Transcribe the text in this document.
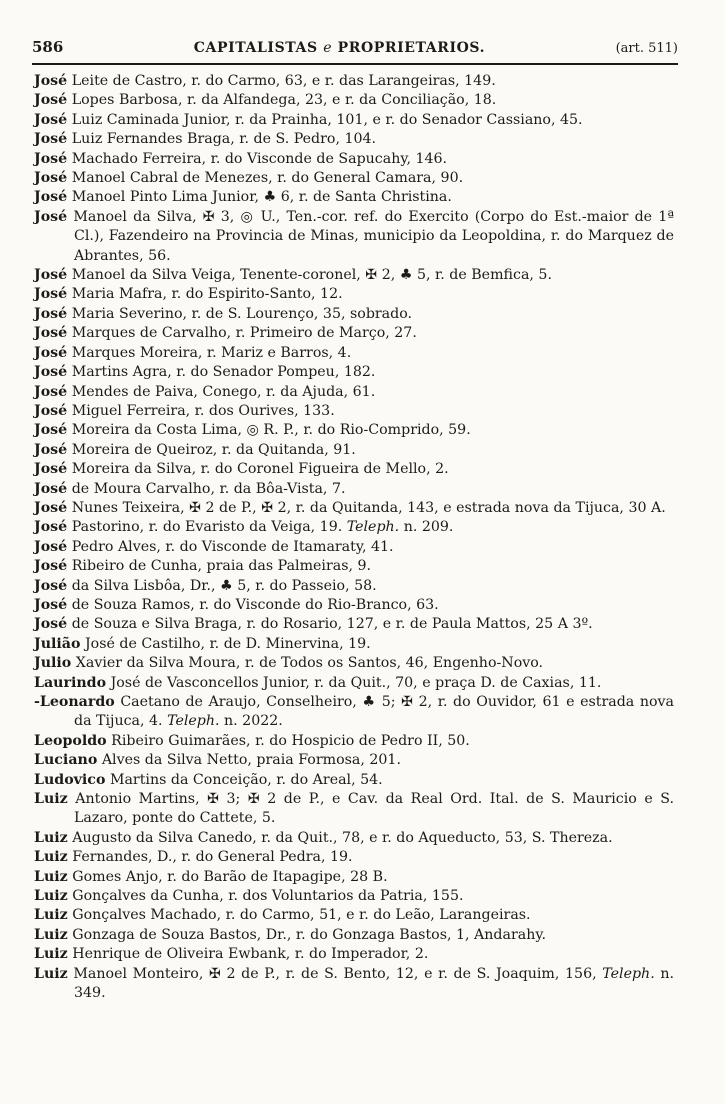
586	CAPITALISTAS e PROPRIETARIOS.	(art. 511)
José Leite de Castro, r. do Carmo, 63, e r. das Larangeiras, 149.
José Lopes Barbosa, r. da Alfandega, 23, e r. da Conciliação, 18.
José Luiz Caminada Junior, r. da Prainha, 101, e r. do Senador Cassiano, 45.
José Luiz Fernandes Braga, r. de S. Pedro, 104.
José Machado Ferreira, r. do Visconde de Sapucahy, 146.
José Manoel Cabral de Menezes, r. do General Camara, 90.
José Manoel Pinto Lima Junior, ♣ 6, r. de Santa Christina.
José Manoel da Silva, ✠ 3, ◎ U., Ten.-cor. ref. do Exercito (Corpo do Est.-maior de 1ª Cl.), Fazendeiro na Provincia de Minas, municipio da Leopoldina, r. do Marquez de Abrantes, 56.
José Manoel da Silva Veiga, Tenente-coronel, ✠ 2, ♣ 5, r. de Bemfica, 5.
José Maria Mafra, r. do Espirito-Santo, 12.
José Maria Severino, r. de S. Lourenço, 35, sobrado.
José Marques de Carvalho, r. Primeiro de Março, 27.
José Marques Moreira, r. Mariz e Barros, 4.
José Martins Agra, r. do Senador Pompeu, 182.
José Mendes de Paiva, Conego, r. da Ajuda, 61.
José Miguel Ferreira, r. dos Ourives, 133.
José Moreira da Costa Lima, ◎ R. P., r. do Rio-Comprido, 59.
José Moreira de Queiroz, r. da Quitanda, 91.
José Moreira da Silva, r. do Coronel Figueira de Mello, 2.
José de Moura Carvalho, r. da Bôa-Vista, 7.
José Nunes Teixeira, ✠ 2 de P., ✠ 2, r. da Quitanda, 143, e estrada nova da Tijuca, 30 A.
José Pastorino, r. do Evaristo da Veiga, 19. Teleph. n. 209.
José Pedro Alves, r. do Visconde de Itamaraty, 41.
José Ribeiro de Cunha, praia das Palmeiras, 9.
José da Silva Lisbôa, Dr., ♣ 5, r. do Passeio, 58.
José de Souza Ramos, r. do Visconde do Rio-Branco, 63.
José de Souza e Silva Braga, r. do Rosario, 127, e r. de Paula Mattos, 25 A 3º.
Julião José de Castilho, r. de D. Minervina, 19.
Julio Xavier da Silva Moura, r. de Todos os Santos, 46, Engenho-Novo.
Laurindo José de Vasconcellos Junior, r. da Quit., 70, e praça D. de Caxias, 11.
-Leonardo Caetano de Araujo, Conselheiro, ♣ 5; ✠ 2, r. do Ouvidor, 61 e estrada nova da Tijuca, 4. Teleph. n. 2022.
Leopoldo Ribeiro Guimarães, r. do Hospicio de Pedro II, 50.
Luciano Alves da Silva Netto, praia Formosa, 201.
Ludovico Martins da Conceição, r. do Areal, 54.
Luiz Antonio Martins, ✠ 3; ✠ 2 de P., e Cav. da Real Ord. Ital. de S. Mauricio e S. Lazaro, ponte do Cattete, 5.
Luiz Augusto da Silva Canedo, r. da Quit., 78, e r. do Aqueducto, 53, S. Thereza.
Luiz Fernandes, D., r. do General Pedra, 19.
Luiz Gomes Anjo, r. do Barão de Itapagipe, 28 B.
Luiz Gonçalves da Cunha, r. dos Voluntarios da Patria, 155.
Luiz Gonçalves Machado, r. do Carmo, 51, e r. do Leão, Larangeiras.
Luiz Gonzaga de Souza Bastos, Dr., r. do Gonzaga Bastos, 1, Andarahy.
Luiz Henrique de Oliveira Ewbank, r. do Imperador, 2.
Luiz Manoel Monteiro, ✠ 2 de P., r. de S. Bento, 12, e r. de S. Joaquim, 156, Teleph. n. 349.
